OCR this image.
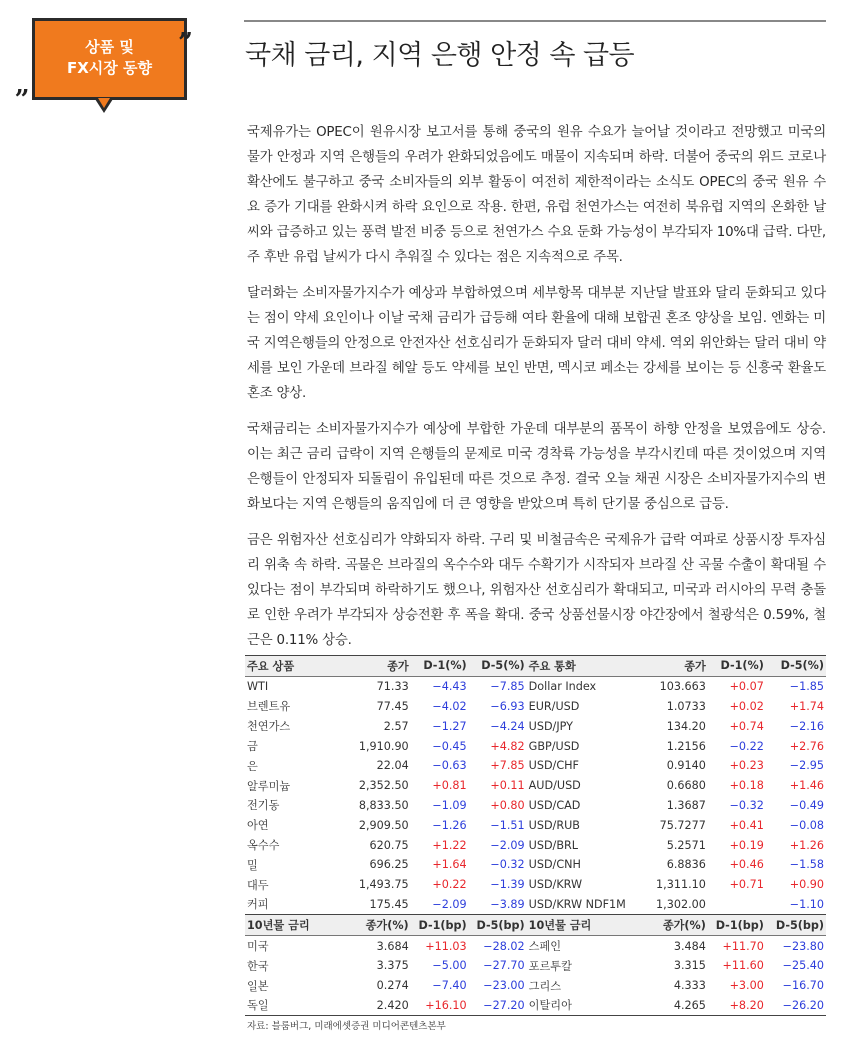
상품 및
FX시장 동향
„
” 국채 금리, 지역 은행 안정 속 급등

국제유가는 OPEC이 원유시장 보고서를 통해 중국의 원유 수요가 늘어날 것이라고 전망했고 미국의 물가 안정과 지역 은행들의 우려가 완화되었음에도 매물이 지속되며 하락. 더불어 중국의 위드 코로나 확산에도 불구하고 중국 소비자들의 외부 활동이 여전히 제한적이라는 소식도 OPEC의 중국 원유 수요 증가 기대를 완화시켜 하락 요인으로 작용. 한편, 유럽 천연가스는 여전히 북유럽 지역의 온화한 날씨와 급증하고 있는 풍력 발전 비중 등으로 천연가스 수요 둔화 가능성이 부각되자 10%대 급락. 다만, 주 후반 유럽 날씨가 다시 추워질 수 있다는 점은 지속적으로 주목.

달러화는 소비자물가지수가 예상과 부합하였으며 세부항목 대부분 지난달 발표와 달리 둔화되고 있다는 점이 약세 요인이나 이날 국채 금리가 급등해 여타 환율에 대해 보합권 혼조 양상을 보임. 엔화는 미국 지역은행들의 안정으로 안전자산 선호심리가 둔화되자 달러 대비 약세. 역외 위안화는 달러 대비 약세를 보인 가운데 브라질 헤알 등도 약세를 보인 반면, 멕시코 페소는 강세를 보이는 등 신흥국 환율도 혼조 양상.

국채금리는 소비자물가지수가 예상에 부합한 가운데 대부분의 품목이 하향 안정을 보였음에도 상승. 이는 최근 금리 급락이 지역 은행들의 문제로 미국 경착륙 가능성을 부각시킨데 따른 것이었으며 지역 은행들이 안정되자 되돌림이 유입된데 따른 것으로 추정. 결국 오늘 채권 시장은 소비자물가지수의 변화보다는 지역 은행들의 움직임에 더 큰 영향을 받았으며 특히 단기물 중심으로 급등.

금은 위험자산 선호심리가 약화되자 하락. 구리 및 비철금속은 국제유가 급락 여파로 상품시장 투자심리 위축 속 하락. 곡물은 브라질의 옥수수와 대두 수확기가 시작되자 브라질 산 곡물 수출이 확대될 수 있다는 점이 부각되며 하락하기도 했으나, 위험자산 선호심리가 확대되고, 미국과 러시아의 무력 충돌로 인한 우려가 부각되자 상승전환 후 폭을 확대. 중국 상품선물시장 야간장에서 철광석은 0.59%, 철근은 0.11% 상승.

주요 상품	종가	D-1(%)	D-5(%)	주요 통화	종가	D-1(%)	D-5(%)
WTI	71.33	−4.43	−7.85	Dollar Index	103.663	+0.07	−1.85
브렌트유	77.45	−4.02	−6.93	EUR/USD	1.0733	+0.02	+1.74
천연가스	2.57	−1.27	−4.24	USD/JPY	134.20	+0.74	−2.16
금	1,910.90	−0.45	+4.82	GBP/USD	1.2156	−0.22	+2.76
은	22.04	−0.63	+7.85	USD/CHF	0.9140	+0.23	−2.95
알루미늄	2,352.50	+0.81	+0.11	AUD/USD	0.6680	+0.18	+1.46
전기동	8,833.50	−1.09	+0.80	USD/CAD	1.3687	−0.32	−0.49
아연	2,909.50	−1.26	−1.51	USD/RUB	75.7277	+0.41	−0.08
옥수수	620.75	+1.22	−2.09	USD/BRL	5.2571	+0.19	+1.26
밀	696.25	+1.64	−0.32	USD/CNH	6.8836	+0.46	−1.58
대두	1,493.75	+0.22	−1.39	USD/KRW	1,311.10	+0.71	+0.90
커피	175.45	−2.09	−3.89	USD/KRW NDF1M	1,302.00		−1.10
10년물 금리	종가(%)	D-1(bp)	D-5(bp)	10년물 금리	종가(%)	D-1(bp)	D-5(bp)
미국	3.684	+11.03	−28.02	스페인	3.484	+11.70	−23.80
한국	3.375	−5.00	−27.70	포르투칼	3.315	+11.60	−25.40
일본	0.274	−7.40	−23.00	그리스	4.333	+3.00	−16.70
독일	2.420	+16.10	−27.20	이탈리아	4.265	+8.20	−26.20
자료: 블룸버그, 미래에셋증권 미디어콘텐츠본부
